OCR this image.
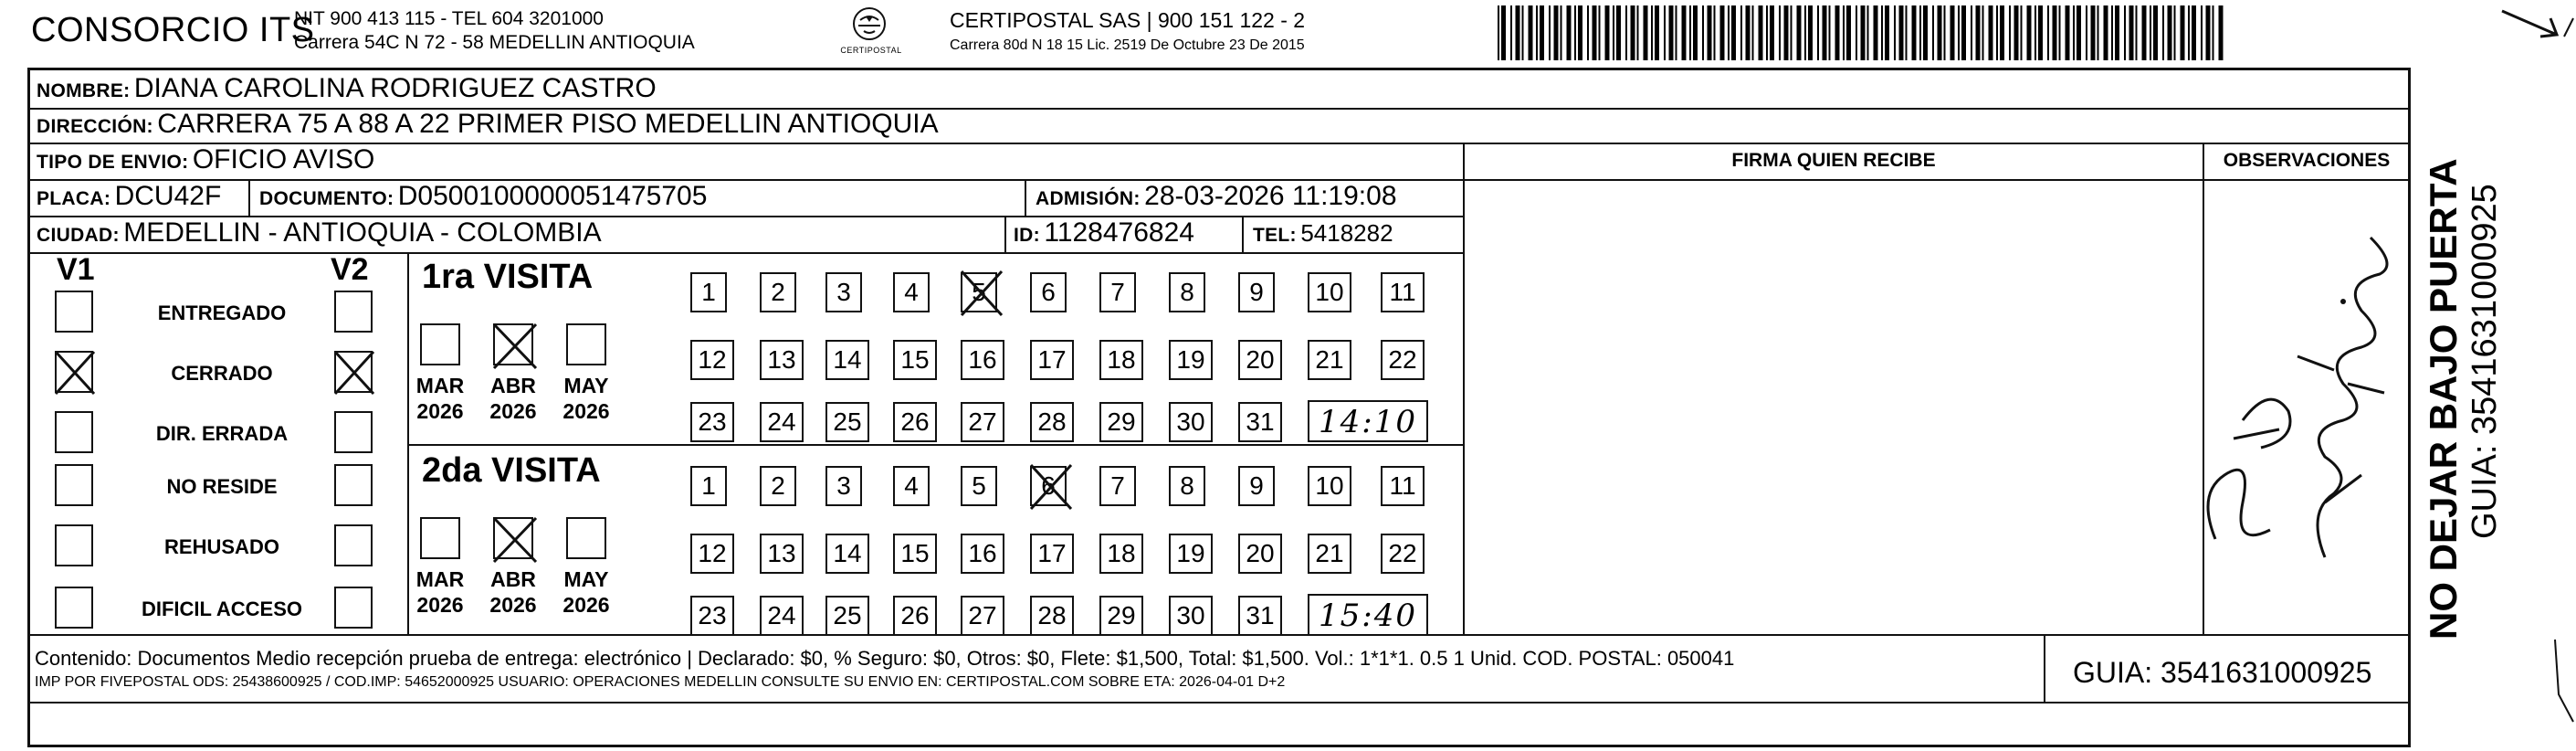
CONSORCIO ITS
NIT 900 413 115 - TEL 604 3201000
Carrera 54C N 72 - 58 MEDELLIN ANTIOQUIA	CERTIPOSTAL
CERTIPOSTAL SAS | 900 151 122 - 2
Carrera 80d N 18 15 Lic. 2519 De Octubre 23 De 2015
NOMBRE: DIANA CAROLINA RODRIGUEZ CASTRO
DIRECCIÓN: CARRERA 75 A 88 A 22 PRIMER PISO MEDELLIN ANTIOQUIA
TIPO DE ENVIO: OFICIO AVISO	FIRMA QUIEN RECIBE	OBSERVACIONES
PLACA: DCU42F DOCUMENTO: D0500100000051475705	ADMISIÓN: 28-03-2026 11:19:08
CIUDAD: MEDELLIN - ANTIOQUIA - COLOMBIA	ID: 1128476824	TEL: 5418282
V1	V2
ENTREGADO
CERRADO
DIR. ERRADA
NO RESIDE
REHUSADO
DIFICIL ACCESO
1ra VISITA
MAR
2026
ABR
2026
MAY
2026
1	2	3	4	5	6	7	8	9	10	11
12	13	14	15	16	17	18	19	20	21	22
23	24	25	26	27	28	29	30	31 14:10
2da VISITA
MAR
2026
ABR
2026
MAY
2026
1	2	3	4	5	6	7	8	9	10	11
12	13	14	15	16	17	18	19	20	21	22
23	24	25	26	27	28	29	30	31 15:40
Contenido: Documentos Medio recepción prueba de entrega: electrónico | Declarado: $0, % Seguro: $0, Otros: $0, Flete: $1,500, Total: $1,500. Vol.: 1*1*1. 0.5 1 Unid. COD. POSTAL: 050041
IMP POR FIVEPOSTAL ODS: 25438600925 / COD.IMP: 54652000925 USUARIO: OPERACIONES MEDELLIN CONSULTE SU ENVIO EN: CERTIPOSTAL.COM SOBRE ETA: 2026-04-01 D+2	GUIA: 3541631000925
NO DEJAR BAJO PUERTA GUIA: 3541631000925
